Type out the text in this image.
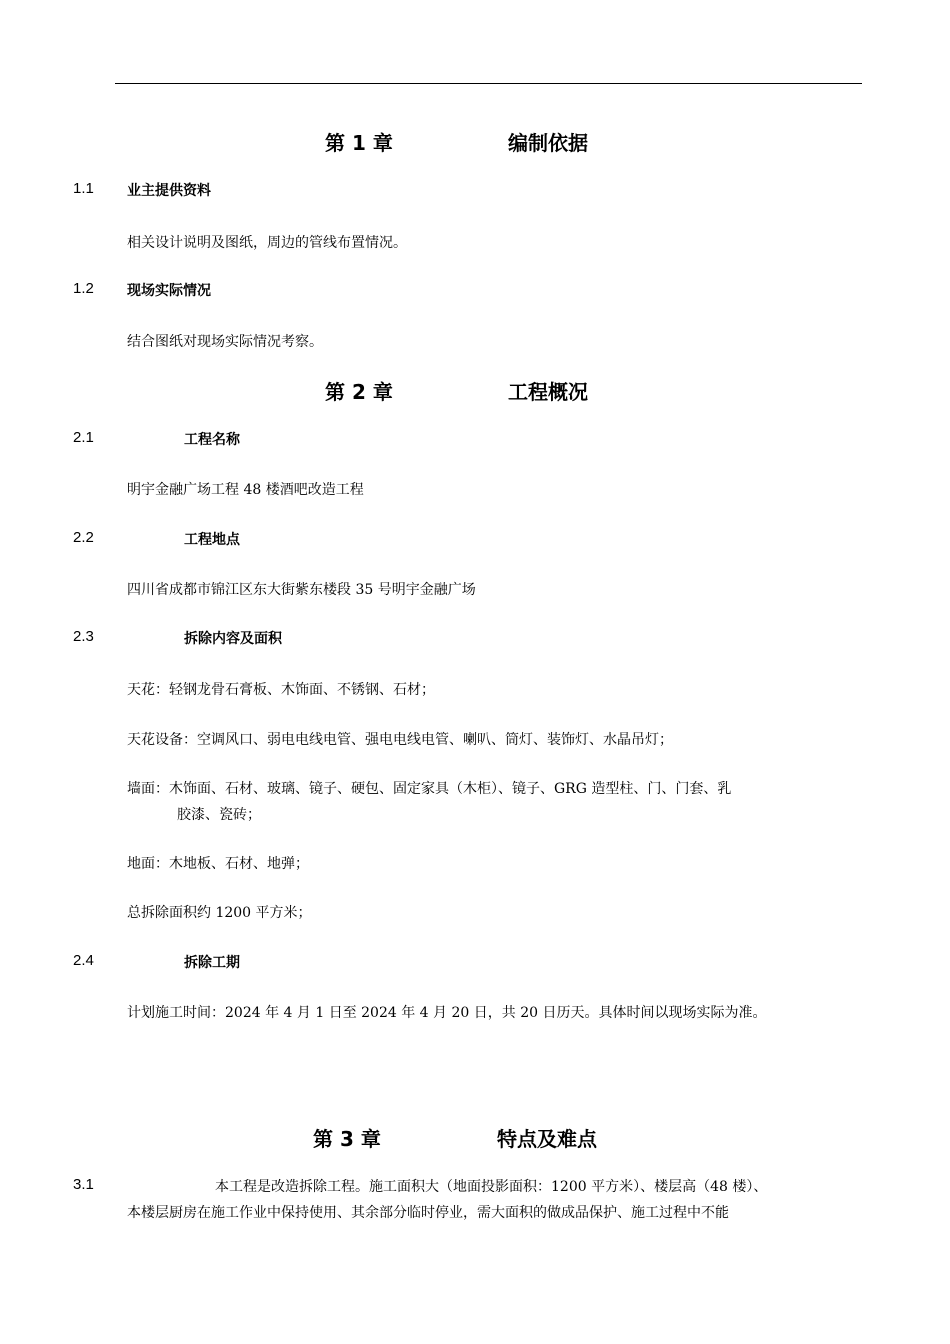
第 1 章	编制依据
1.1 业主提供资料
相关设计说明及图纸，周边的管线布置情况。
1.2 现场实际情况
结合图纸对现场实际情况考察。
第 2 章	工程概况
2.1	工程名称
明宇金融广场工程 48 楼酒吧改造工程
2.2	工程地点
四川省成都市锦江区东大街紫东楼段 35 号明宇金融广场
2.3	拆除内容及面积
天花：轻钢龙骨石膏板、木饰面、不锈钢、石材；
天花设备：空调风口、弱电电线电管、强电电线电管、喇叭、筒灯、装饰灯、水晶吊灯；
墙面：木饰面、石材、玻璃、镜子、硬包、固定家具（木柜）、镜子、GRG 造型柱、门、门套、乳
胶漆、瓷砖；
地面：木地板、石材、地弹；
总拆除面积约 1200 平方米；
2.4	拆除工期
计划施工时间：2024 年 4 月 1 日至 2024 年 4 月 20 日，共 20 日历天。具体时间以现场实际为准。
第 3 章	特点及难点
3.1	本工程是改造拆除工程。施工面积大（地面投影面积：1200 平方米）、楼层高（48 楼）、
本楼层厨房在施工作业中保持使用、其余部分临时停业，需大面积的做成品保护、施工过程中不能
